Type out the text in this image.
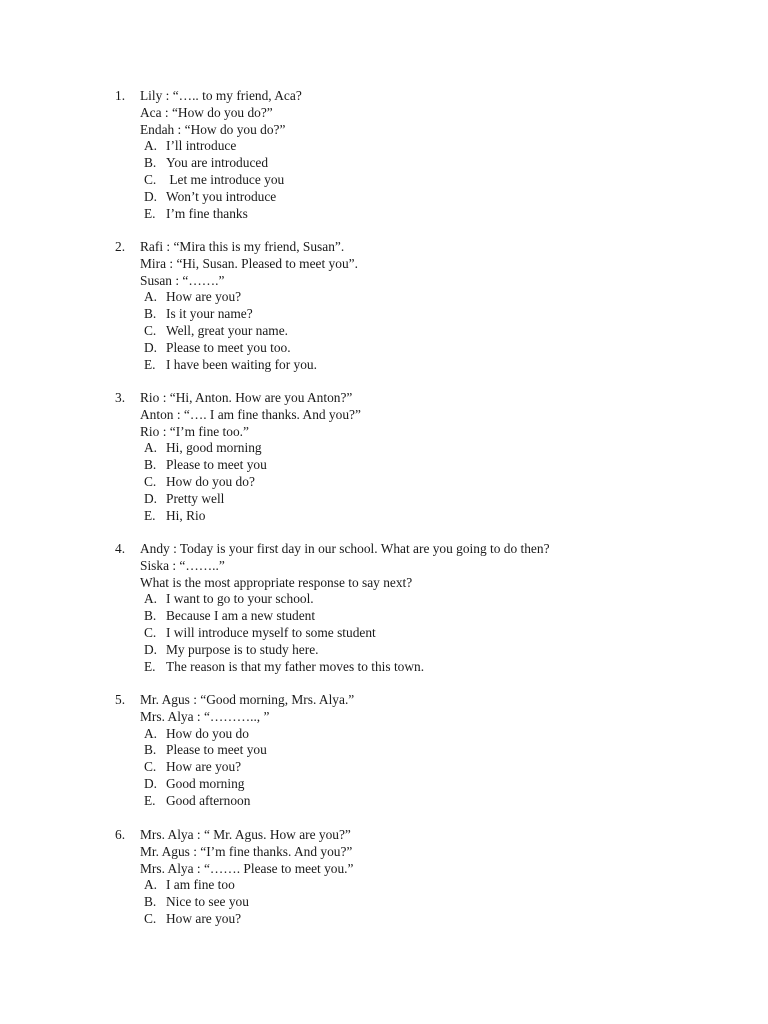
1. Lily : “….. to my friend, Aca?
Aca : “How do you do?”
Endah : “How do you do?”
A. I’ll introduce
B. You are introduced
C. Let me introduce you
D. Won’t you introduce
E. I’m fine thanks
2. Rafi : “Mira this is my friend, Susan”.
Mira : “Hi, Susan. Pleased to meet you”.
Susan : “…….”
A. How are you?
B. Is it your name?
C. Well, great your name.
D. Please to meet you too.
E. I have been waiting for you.
3. Rio : “Hi, Anton. How are you Anton?”
Anton : “…. I am fine thanks. And you?”
Rio : “I’m fine too.”
A. Hi, good morning
B. Please to meet you
C. How do you do?
D. Pretty well
E. Hi, Rio
4. Andy : Today is your first day in our school. What are you going to do then?
Siska : “……..”
What is the most appropriate response to say next?
A. I want to go to your school.
B. Because I am a new student
C. I will introduce myself to some student
D. My purpose is to study here.
E. The reason is that my father moves to this town.
5. Mr. Agus : “Good morning, Mrs. Alya.”
Mrs. Alya : “……….., ”
A. How do you do
B. Please to meet you
C. How are you?
D. Good morning
E. Good afternoon
6. Mrs. Alya : “ Mr. Agus. How are you?”
Mr. Agus : “I’m fine thanks. And you?”
Mrs. Alya : “……. Please to meet you.”
A. I am fine too
B. Nice to see you
C. How are you?
